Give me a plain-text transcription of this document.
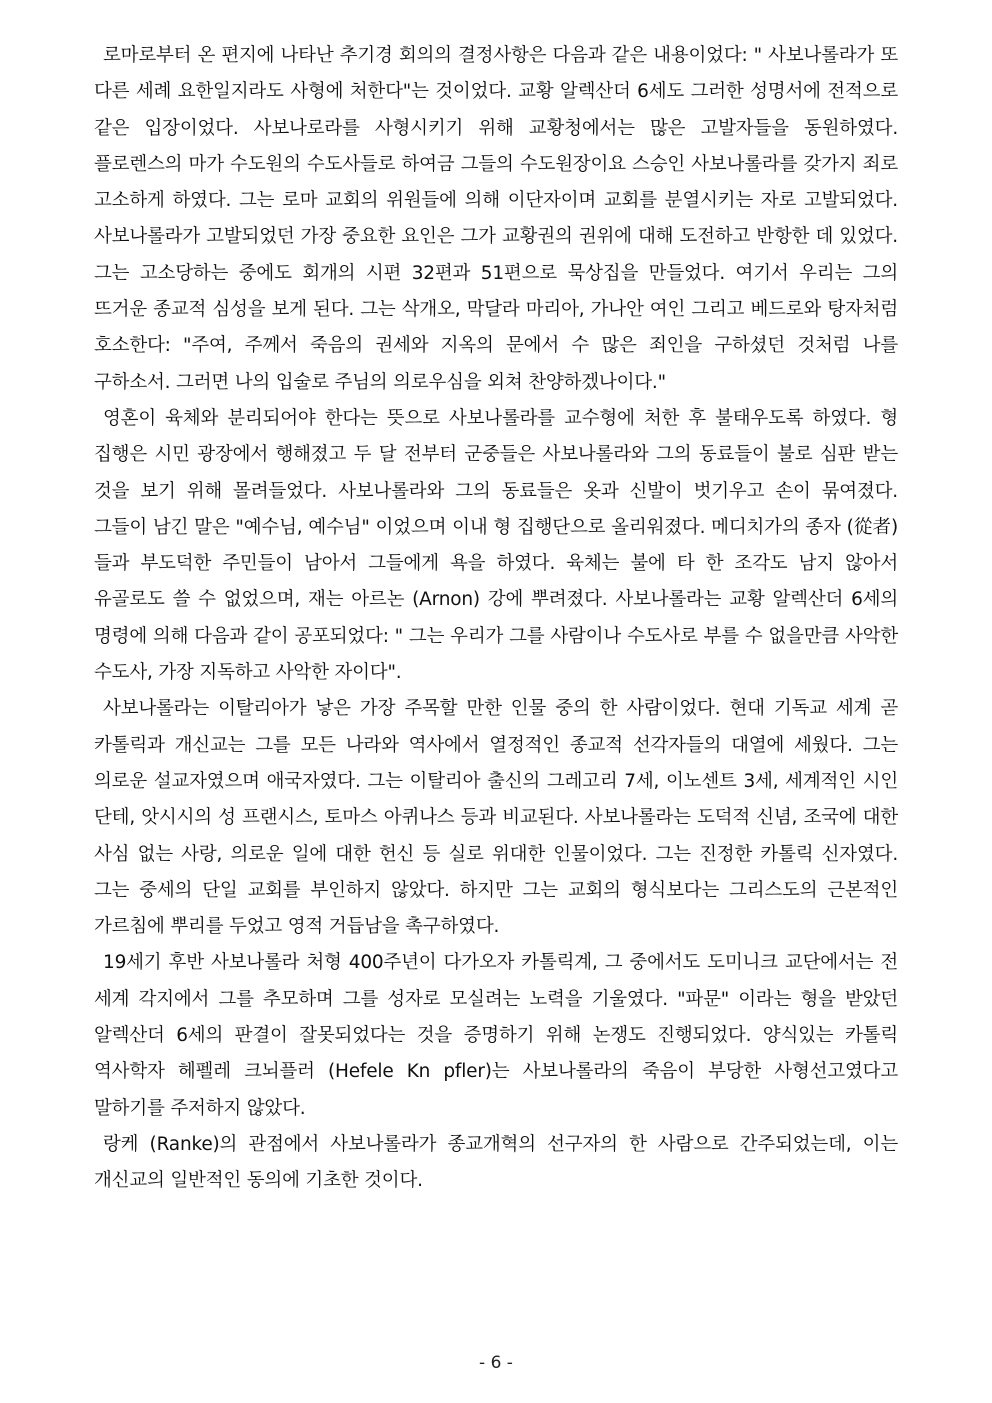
로마로부터 온 편지에 나타난 추기경 회의의 결정사항은 다음과 같은 내용이었다: " 사보나롤라가 또 다른 세례 요한일지라도 사형에 처한다"는 것이었다. 교황 알렉산더 6세도 그러한 성명서에 전적으로 같은 입장이었다. 사보나로라를 사형시키기 위해 교황청에서는 많은 고발자들을 동원하였다. 플로렌스의 마가 수도원의 수도사들로 하여금 그들의 수도원장이요 스승인 사보나롤라를 갖가지 죄로 고소하게 하였다. 그는 로마 교회의 위원들에 의해 이단자이며 교회를 분열시키는 자로 고발되었다. 사보나롤라가 고발되었던 가장 중요한 요인은 그가 교황권의 권위에 대해 도전하고 반항한 데 있었다. 그는 고소당하는 중에도 회개의 시편 32편과 51편으로 묵상집을 만들었다. 여기서 우리는 그의 뜨거운 종교적 심성을 보게 된다. 그는 삭개오, 막달라 마리아, 가나안 여인 그리고 베드로와 탕자처럼 호소한다: "주여, 주께서 죽음의 권세와 지옥의 문에서 수 많은 죄인을 구하셨던 것처럼 나를 구하소서. 그러면 나의 입술로 주님의 의로우심을 외쳐 찬양하겠나이다."

영혼이 육체와 분리되어야 한다는 뜻으로 사보나롤라를 교수형에 처한 후 불태우도록 하였다. 형 집행은 시민 광장에서 행해졌고 두 달 전부터 군중들은 사보나롤라와 그의 동료들이 불로 심판 받는 것을 보기 위해 몰려들었다. 사보나롤라와 그의 동료들은 옷과 신발이 벗기우고 손이 묶여졌다. 그들이 남긴 말은 "예수님, 예수님" 이었으며 이내 형 집행단으로 올리워졌다. 메디치가의 종자 (從者)들과 부도덕한 주민들이 남아서 그들에게 욕을 하였다. 육체는 불에 타 한 조각도 남지 않아서 유골로도 쓸 수 없었으며, 재는 아르논 (Arnon) 강에 뿌려졌다. 사보나롤라는 교황 알렉산더 6세의 명령에 의해 다음과 같이 공포되었다: " 그는 우리가 그를 사람이나 수도사로 부를 수 없을만큼 사악한 수도사, 가장 지독하고 사악한 자이다".

사보나롤라는 이탈리아가 낳은 가장 주목할 만한 인물 중의 한 사람이었다. 현대 기독교 세계 곧 카톨릭과 개신교는 그를 모든 나라와 역사에서 열정적인 종교적 선각자들의 대열에 세웠다. 그는 의로운 설교자였으며 애국자였다. 그는 이탈리아 출신의 그레고리 7세, 이노센트 3세, 세계적인 시인 단테, 앗시시의 성 프랜시스, 토마스 아퀴나스 등과 비교된다. 사보나롤라는 도덕적 신념, 조국에 대한 사심 없는 사랑, 의로운 일에 대한 헌신 등 실로 위대한 인물이었다. 그는 진정한 카톨릭 신자였다. 그는 중세의 단일 교회를 부인하지 않았다. 하지만 그는 교회의 형식보다는 그리스도의 근본적인 가르침에 뿌리를 두었고 영적 거듭남을 촉구하였다.

19세기 후반 사보나롤라 처형 400주년이 다가오자 카톨릭계, 그 중에서도 도미니크 교단에서는 전 세계 각지에서 그를 추모하며 그를 성자로 모실려는 노력을 기울였다. "파문" 이라는 형을 받았던 알렉산더 6세의 판결이 잘못되었다는 것을 증명하기 위해 논쟁도 진행되었다. 양식있는 카톨릭 역사학자 헤펠레 크뇌플러 (Hefele Kn pfler)는 사보나롤라의 죽음이 부당한 사형선고였다고 말하기를 주저하지 않았다.

랑케 (Ranke)의 관점에서 사보나롤라가 종교개혁의 선구자의 한 사람으로 간주되었는데, 이는 개신교의 일반적인 동의에 기초한 것이다.

- 6 -
